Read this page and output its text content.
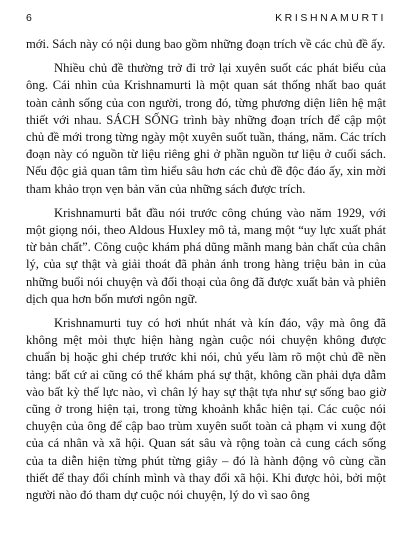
6	KRISHNAMURTI

mới. Sách này có nội dung bao gồm những đoạn trích về các chủ đề ấy.

Nhiều chủ đề thường trở đi trở lại xuyên suốt các phát biểu của ông. Cái nhìn của Krishnamurti là một quan sát thống nhất bao quát toàn cảnh sống của con người, trong đó, từng phương diện liên hệ mật thiết với nhau. SÁCH SỐNG trình bày những đoạn trích để cập một chủ đề mới trong từng ngày một xuyên suốt tuần, tháng, năm. Các trích đoạn này có nguồn từ liệu riêng ghi ở phần nguồn tư liệu ở cuối sách. Nếu độc giả quan tâm tìm hiểu sâu hơn các chủ đề độc đáo ấy, xin mời tham khảo trọn vẹn bản văn của những sách được trích.

Krishnamurti bắt đầu nói trước công chúng vào năm 1929, với một giọng nói, theo Aldous Huxley mô tả, mang một “uy lực xuất phát từ bản chất”. Công cuộc khám phá dũng mãnh mang bản chất của chân lý, của sự thật và giải thoát đã phản ánh trong hàng triệu bản in của những buổi nói chuyện và đối thoại của ông đã được xuất bản và phiên dịch qua hơn bốn mươi ngôn ngữ.

Krishnamurti tuy có hơi nhút nhát và kín đáo, vậy mà ông đã không mệt mỏi thực hiện hàng ngàn cuộc nói chuyện không được chuẩn bị hoặc ghi chép trước khi nói, chủ yếu làm rõ một chủ đề nền tảng: bất cứ ai cũng có thể khám phá sự thật, không cần phải dựa dẫm vào bất kỳ thế lực nào, vì chân lý hay sự thật tựa như sự sống bao giờ cũng ở trong hiện tại, trong từng khoảnh khắc hiện tại. Các cuộc nói chuyện của ông để cập bao trùm xuyên suốt toàn cả phạm vi xung đột của cá nhân và xã hội. Quan sát sâu và rộng toàn cả cung cách sống của ta diễn hiện từng phút từng giây – đó là hành động vô cùng cần thiết để thay đổi chính mình và thay đổi xã hội. Khi được hỏi, bởi một người nào đó tham dự cuộc nói chuyện, lý do vì sao ông
